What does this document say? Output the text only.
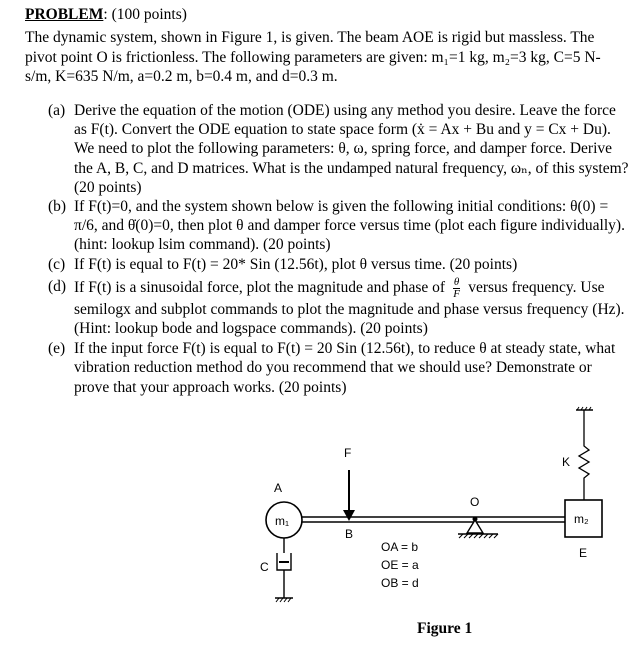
PROBLEM: (100 points)
The dynamic system, shown in Figure 1, is given. The beam AOE is rigid but massless. The pivot point O is frictionless. The following parameters are given: m₁=1 kg, m₂=3 kg, C=5 N-s/m, K=635 N/m, a=0.2 m, b=0.4 m, and d=0.3 m.
(a) Derive the equation of the motion (ODE) using any method you desire. Leave the force as F(t). Convert the ODE equation to state space form (ẋ = Ax + Bu and y = Cx + Du). We need to plot the following parameters: θ, ω, spring force, and damper force. Derive the A, B, C, and D matrices. What is the undamped natural frequency, ωₙ, of this system? (20 points)
(b) If F(t)=0, and the system shown below is given the following initial conditions: θ(0) = π/6, and θ̇(0)=0, then plot θ and damper force versus time (plot each figure individually). (hint: lookup lsim command). (20 points)
(c) If F(t) is equal to F(t) = 20* Sin (12.56t), plot θ versus time. (20 points)
(d) If F(t) is a sinusoidal force, plot the magnitude and phase of $\frac{\theta}{F}$ versus frequency. Use semilogx and subplot commands to plot the magnitude and phase versus frequency (Hz). (Hint: lookup bode and logspace commands). (20 points)
(e) If the input force F(t) is equal to F(t) = 20 Sin (12.56t), to reduce θ at steady state, what vibration reduction method do you recommend that we should use? Demonstrate or prove that your approach works. (20 points)
F
A
m₁
B
O
C
K
m₂
E
OA = b
OE = a
OB = d
Figure 1
